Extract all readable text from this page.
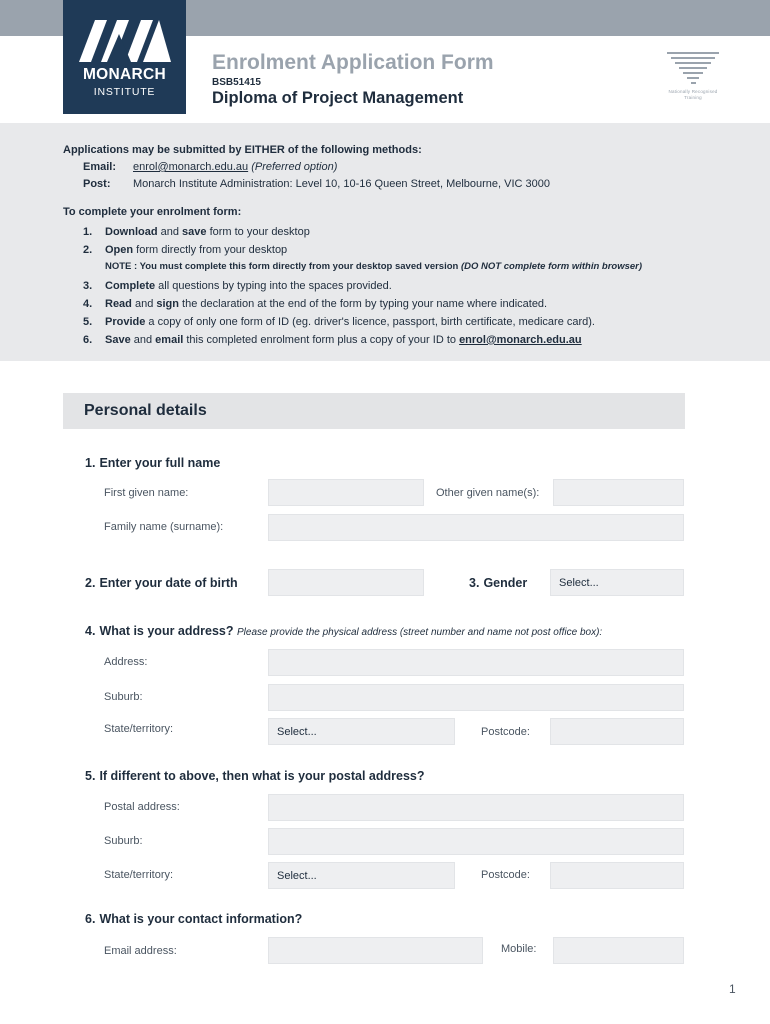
MONARCH
INSTITUTE
Enrolment Application Form
BSB51415
Diploma of Project Management	Nationally Recognised
Training
Applications may be submitted by EITHER of the following methods:
Email: enrol@monarch.edu.au (Preferred option)
Post: Monarch Institute Administration: Level 10, 10-16 Queen Street, Melbourne, VIC 3000
To complete your enrolment form:
1. Download and save form to your desktop
2. Open form directly from your desktop
NOTE : You must complete this form directly from your desktop saved version (DO NOT complete form within browser)
3. Complete all questions by typing into the spaces provided.
4. Read and sign the declaration at the end of the form by typing your name where indicated.
5. Provide a copy of only one form of ID (eg. driver's licence, passport, birth certificate, medicare card).
6. Save and email this completed enrolment form plus a copy of your ID to enrol@monarch.edu.au
Personal details
1. Enter your full name
First given name:	Other given name(s):
Family name (surname):
2. Enter your date of birth	3. Gender	Select...
4. What is your address? Please provide the physical address (street number and name not post office box):
Address:
Suburb:
State/territory:	Select...	Postcode:
5. If different to above, then what is your postal address?
Postal address:
Suburb:
State/territory:	Select...	Postcode:
6. What is your contact information?
Email address:	Mobile:
1
